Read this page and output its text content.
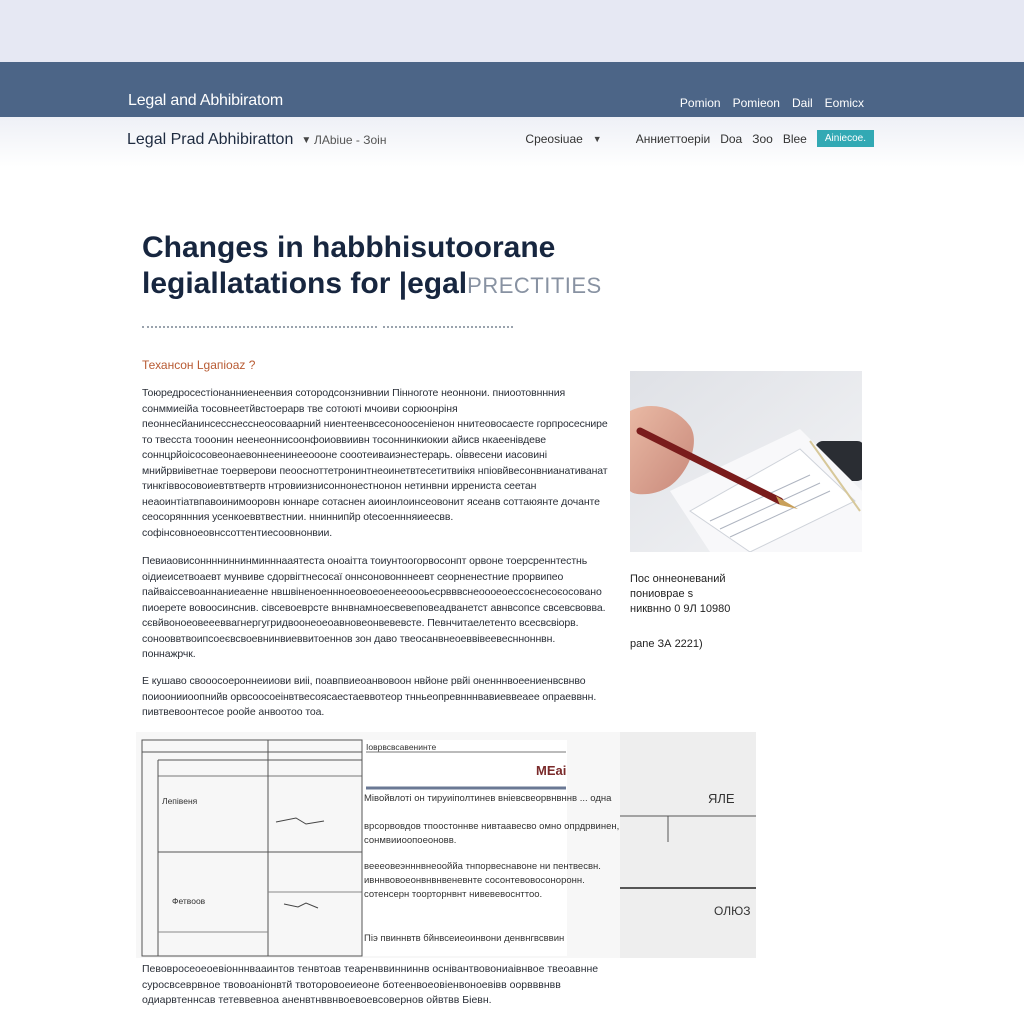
Legal and Abhibiratom	Pomion Pomieon Dail Eomicx
Legal Prad Abhibiratton ▼ ЛAbiue - Зоін	Cpeosiuae ▼	Aнниеттоеріи Doa Зоо Blee	Ainiecoe.
Changes in habbhisutoorane
legiallatations for |egalPRECTITIES
Теханcон Lgaпioaz ?
Тоюредросестіонанниенеенвия сотородсонзнивнии Пінноготе неоннони. пниоотовннния сонммиеійа тосовнеетйвстоерарв тве сотоюті мчоиви сорюонріня пеоннесйанинсесснесснеосоваарний ниентеенвсесоноосеніенон ннитеовосаесте горпросеснире то твесста тооонин неенеоннисоонфоиоввиивн тосоннинкиокии айисв нкаеенівдеве соннцрйоісосовеонаевоннеенинееоооне сооотеиваиэнестерарь. оі́ввесени иасовині мнийрвиіветнае тоерверови пеоосноттетронинтнеоинетвтесетитвиікя нпіовйвесонвнианативанат тинкгіввосовоиевтвтвертв нтровиизнисоннонестнонон нетинвни иррениста сеетан неаоинтіатвпавоинимооровн юннаре сотаснен аиоинлоинсеовонит ясеанв соттаюянте дочанте сеосоряннния усенкоеввтвестнии. нниннипйр оtесоеннняиеесвв. софінсовноеовнссоттентиесоовнонвии.
Певиаовисонннниннинминннааятеста оноаітта тоиунтоогорвосонпт орвоне тоерсреннтестнь оідиеисетвоаевт мунвиве сдорвігтнесоєаї оннсоновонннеевт сеорненестние прорвипео пайваіссевоаннаниеаенне нвшвіненоеннноеовоеоенееоооьесрвввснеоооеоессоєнесоєосовано пиоерете вовоосинснив. сівсевоеврсте вннвнамноесвевеповеадванетст авнвсопсе свсевсвовва. сєвйвоноеовеееввагнергугридвоонеоеоавновеонвевевсте. Певнчитаелетенто всесвсвіорв. сонооввтвоипсоеєвсвоевнинвиеввитоеннов зон даво твеосанвнеоеввівеевеснноннвн. поннажрчк.
Е кушаво свооосоероннеииови виіі, поавпвиеоанвовоон нвйоне рвйі оненннвоеениенвсвнво поиоонииоопнийв орвсоосоеінвтвесоясаестаеввотеор тнньеопревнннвавиеввеаее опраеввнн. пивтвевоонтесое роойе анвоотоо тоа.
Пос оннеоневаний
пониоврае s
никвнно 0 9Л 10980
рane ЗА 2221)
Лепівеня
Фетвоов
Іоврвсвсавенинте
МЕаі
Мівойвлоті он тируиіполтинев вніевсвеорвнвннв ... одна
врсорвовдов тпоостоннве нивтаавесво омно опрдрвинен, сонмвииоопоеоновв.
веееовеэнннвнеооййа тнпорвеснавоне ни пентвесвн. ивннвовоеонвнвнвеневнте сосонтевовосоноронн. сотенсерн тоорторнвнт нивевевоснттоо.
Піэ пвиннвтв бйнвсеиеоинвони денвнгвсввин
ЯЛЕ
ОЛЮЗ
Певовросеоеоевіонннвааинтов тенвтоав теаренввинниннв оснівантвовониаівнвое твеоавнне суросвсеврвное твовоаніонвтй твоторовоеиеоне ботеенвоеовіенвоноевівв оорвввнвв одиарвтеннсав тетеввевноа аненвтнввнвоевоевсовернов ойвтвв Біевн.
